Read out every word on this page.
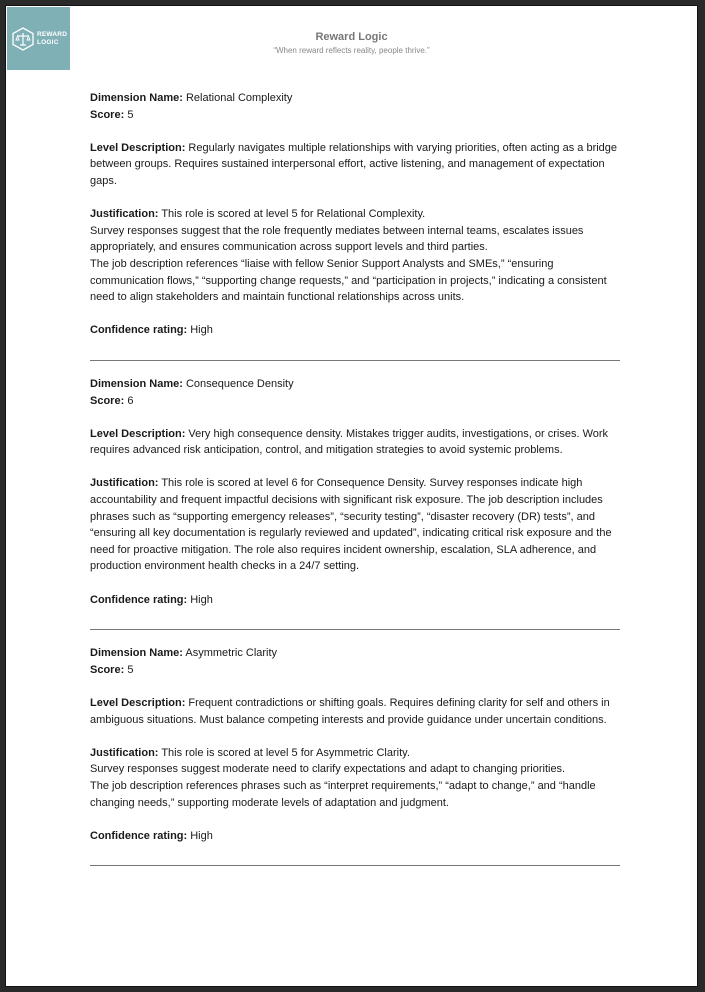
REWARD
LOGIC	Reward Logic
“When reward reflects reality, people thrive.”
Dimension Name: Relational Complexity
Score: 5
Level Description: Regularly navigates multiple relationships with varying priorities, often acting as a bridge between groups. Requires sustained interpersonal effort, active listening, and management of expectation gaps.
Justification: This role is scored at level 5 for Relational Complexity.
Survey responses suggest that the role frequently mediates between internal teams, escalates issues appropriately, and ensures communication across support levels and third parties.
The job description references “liaise with fellow Senior Support Analysts and SMEs,” “ensuring communication flows,” “supporting change requests,” and “participation in projects,” indicating a consistent need to align stakeholders and maintain functional relationships across units.
Confidence rating: High
Dimension Name: Consequence Density
Score: 6
Level Description: Very high consequence density. Mistakes trigger audits, investigations, or crises. Work requires advanced risk anticipation, control, and mitigation strategies to avoid systemic problems.
Justification: This role is scored at level 6 for Consequence Density. Survey responses indicate high accountability and frequent impactful decisions with significant risk exposure. The job description includes phrases such as “supporting emergency releases”, “security testing”, “disaster recovery (DR) tests”, and “ensuring all key documentation is regularly reviewed and updated”, indicating critical risk exposure and the need for proactive mitigation. The role also requires incident ownership, escalation, SLA adherence, and production environment health checks in a 24/7 setting.
Confidence rating: High
Dimension Name: Asymmetric Clarity
Score: 5
Level Description: Frequent contradictions or shifting goals. Requires defining clarity for self and others in ambiguous situations. Must balance competing interests and provide guidance under uncertain conditions.
Justification: This role is scored at level 5 for Asymmetric Clarity.
Survey responses suggest moderate need to clarify expectations and adapt to changing priorities.
The job description references phrases such as “interpret requirements,” “adapt to change,” and “handle changing needs,” supporting moderate levels of adaptation and judgment.
Confidence rating: High
